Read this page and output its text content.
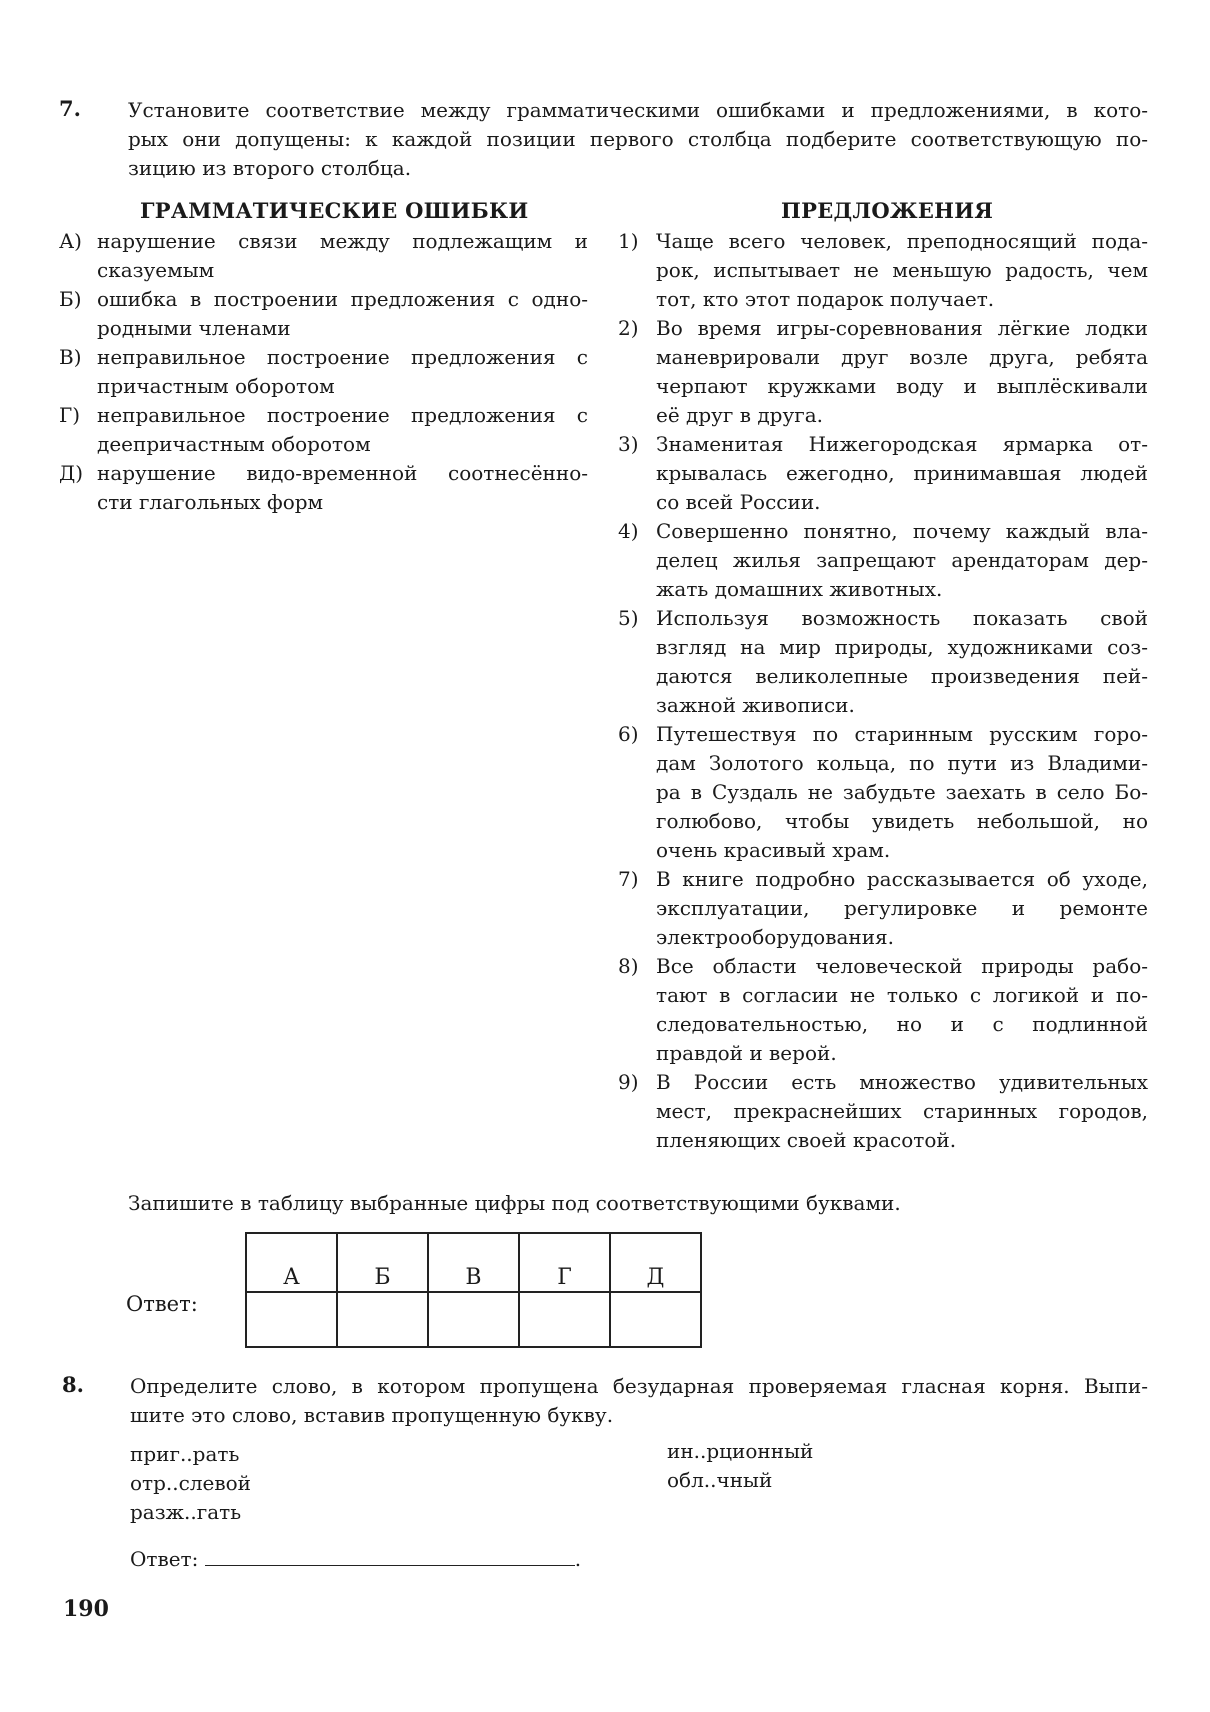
7. Установите соответствие между грамматическими ошибками и предложениями, в кото-
рых они допущены: к каждой позиции первого столбца подберите соответствующую по-
зицию из второго столбца.
ГРАММАТИЧЕСКИЕ ОШИБКИ	ПРЕДЛОЖЕНИЯ
А) нарушение связи между подлежащим и
сказуемым
Б) ошибка в построении предложения с одно-
родными членами
В) неправильное построение предложения с
причастным оборотом
Г) неправильное построение предложения с
деепричастным оборотом
Д) нарушение видо-временной соотнесённо-
сти глагольных форм
1) Чаще всего человек, преподносящий пода-
рок, испытывает не меньшую радость, чем
тот, кто этот подарок получает.
2) Во время игры-соревнования лёгкие лодки
маневрировали друг возле друга, ребята
черпают кружками воду и выплёскивали
её друг в друга.
3) Знаменитая Нижегородская ярмарка от-
крывалась ежегодно, принимавшая людей
со всей России.
4) Совершенно понятно, почему каждый вла-
делец жилья запрещают арендаторам дер-
жать домашних животных.
5) Используя возможность показать свой
взгляд на мир природы, художниками соз-
даются великолепные произведения пей-
зажной живописи.
6) Путешествуя по старинным русским горо-
дам Золотого кольца, по пути из Владими-
ра в Суздаль не забудьте заехать в село Бо-
голюбово, чтобы увидеть небольшой, но
очень красивый храм.
7) В книге подробно рассказывается об уходе,
эксплуатации, регулировке и ремонте
электрооборудования.
8) Все области человеческой природы рабо-
тают в согласии не только с логикой и по-
следовательностью, но и с подлинной
правдой и верой.
9) В России есть множество удивительных
мест, прекраснейших старинных городов,
пленяющих своей красотой.
Запишите в таблицу выбранные цифры под соответствующими буквами.
Ответ:
А	Б	В	Г	Д

8. Определите слово, в котором пропущена безударная проверяемая гласная корня. Выпи-
шите это слово, вставив пропущенную букву.
приг..рать
отр..слевой
разж..гать
ин..рционный
обл..чный
Ответ:	.
190
